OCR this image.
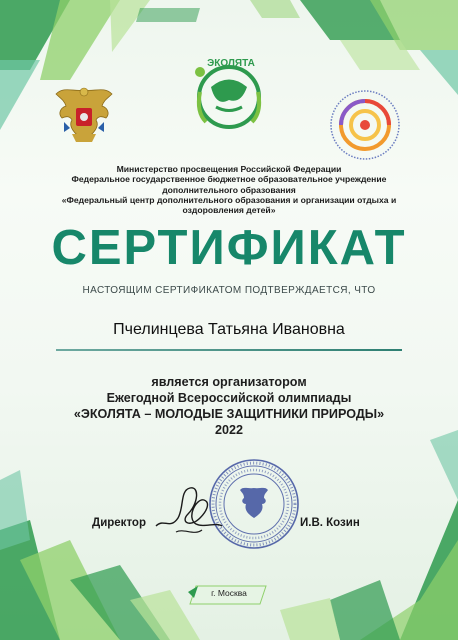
ЭКОЛЯТА
Министерство просвещения Российской Федерации
Федеральное государственное бюджетное образовательное учреждение
дополнительного образования
«Федеральный центр дополнительного образования и организации отдыха и
оздоровления детей»
СЕРТИФИКАТ
НАСТОЯЩИМ СЕРТИФИКАТОМ ПОДТВЕРЖДАЕТСЯ, ЧТО
Пчелинцева Татьяна Ивановна
является организатором
Ежегодной Всероссийской олимпиады
«ЭКОЛЯТА – МОЛОДЫЕ ЗАЩИТНИКИ ПРИРОДЫ»
2022
Директор	И.В. Козин
г. Москва
